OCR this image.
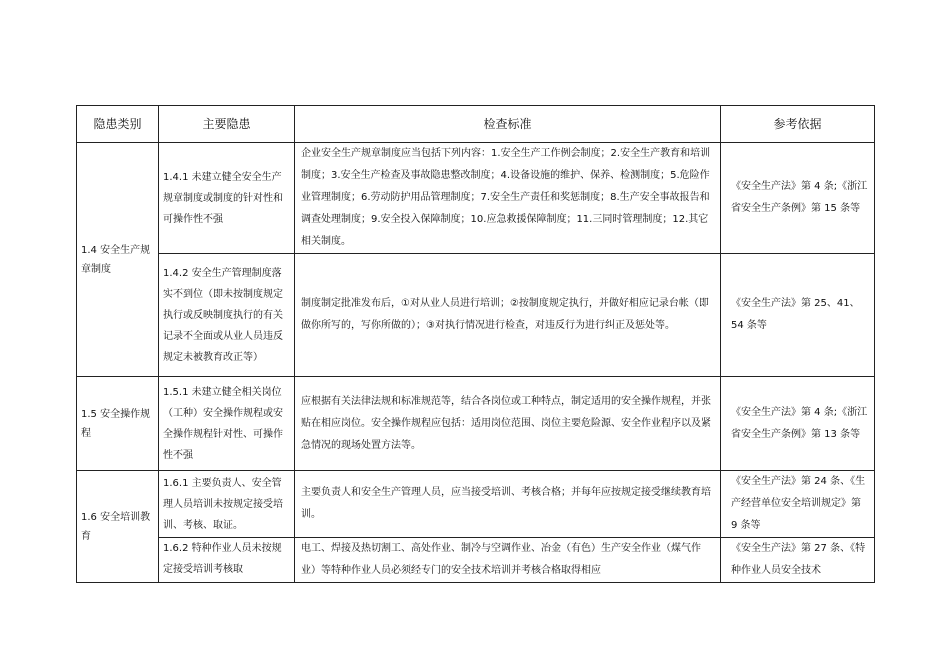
隐患类别	主要隐患	检查标准	参考依据
1.4 安全生产规章制度	1.4.1 未建立健全安全生产规章制度或制度的针对性和可操作性不强	企业安全生产规章制度应当包括下列内容：1.安全生产工作例会制度；2.安全生产教育和培训制度；3.安全生产检查及事故隐患整改制度；4.设备设施的维护、保养、检测制度；5.危险作业管理制度；6.劳动防护用品管理制度；7.安全生产责任和奖惩制度；8.生产安全事故报告和调查处理制度；9.安全投入保障制度；10.应急救援保障制度；11.三同时管理制度；12.其它相关制度。	《安全生产法》第 4 条;《浙江省安全生产条例》第 15 条等
	1.4.2 安全生产管理制度落实不到位（即未按制度规定执行或反映制度执行的有关记录不全面或从业人员违反规定未被教育改正等）	制度制定批准发布后，①对从业人员进行培训；②按制度规定执行，并做好相应记录台帐（即做你所写的，写你所做的）；③对执行情况进行检查，对违反行为进行纠正及惩处等。	《安全生产法》第 25、41、54 条等
1.5 安全操作规程	1.5.1 未建立健全相关岗位（工种）安全操作规程或安全操作规程针对性、可操作性不强	应根据有关法律法规和标准规范等，结合各岗位或工种特点，制定适用的安全操作规程，并张贴在相应岗位。安全操作规程应包括：适用岗位范围、岗位主要危险源、安全作业程序以及紧急情况的现场处置方法等。	《安全生产法》第 4 条;《浙江省安全生产条例》第 13 条等
1.6 安全培训教育	1.6.1 主要负责人、安全管理人员培训未按规定接受培训、考核、取证。	主要负责人和安全生产管理人员，应当接受培训、考核合格；并每年应按规定接受继续教育培训。	《安全生产法》第 24 条、《生产经营单位安全培训规定》第 9 条等
	1.6.2 特种作业人员未按规定接受培训考核取	电工、焊接及热切割工、高处作业、制冷与空调作业、冶金（有色）生产安全作业（煤气作业）等特种作业人员必须经专门的安全技术培训并考核合格取得相应	《安全生产法》第 27 条、《特种作业人员安全技术
